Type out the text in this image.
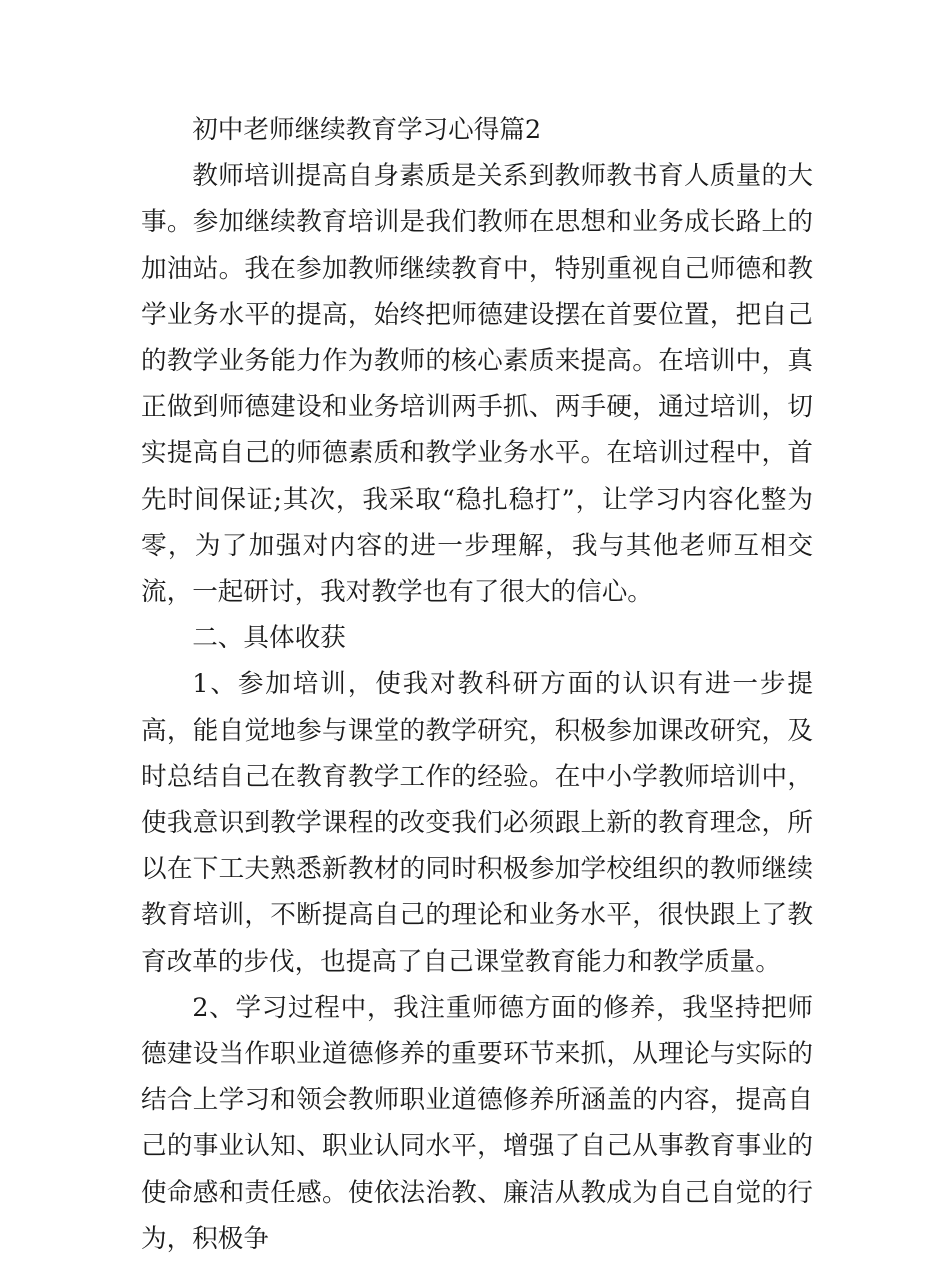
初中老师继续教育学习心得篇2

教师培训提高自身素质是关系到教师教书育人质量的大事。参加继续教育培训是我们教师在思想和业务成长路上的加油站。我在参加教师继续教育中，特别重视自己师德和教学业务水平的提高，始终把师德建设摆在首要位置，把自己的教学业务能力作为教师的核心素质来提高。在培训中，真正做到师德建设和业务培训两手抓、两手硬，通过培训，切实提高自己的师德素质和教学业务水平。在培训过程中，首先时间保证;其次，我采取“稳扎稳打”，让学习内容化整为零，为了加强对内容的进一步理解，我与其他老师互相交流，一起研讨，我对教学也有了很大的信心。

二、具体收获

1、参加培训，使我对教科研方面的认识有进一步提高，能自觉地参与课堂的教学研究，积极参加课改研究，及时总结自己在教育教学工作的经验。在中小学教师培训中，使我意识到教学课程的改变我们必须跟上新的教育理念，所以在下工夫熟悉新教材的同时积极参加学校组织的教师继续教育培训，不断提高自己的理论和业务水平，很快跟上了教育改革的步伐，也提高了自己课堂教育能力和教学质量。

2、学习过程中，我注重师德方面的修养，我坚持把师德建设当作职业道德修养的重要环节来抓，从理论与实际的结合上学习和领会教师职业道德修养所涵盖的内容，提高自己的事业认知、职业认同水平，增强了自己从事教育事业的使命感和责任感。使依法治教、廉洁从教成为自己自觉的行为，积极争
